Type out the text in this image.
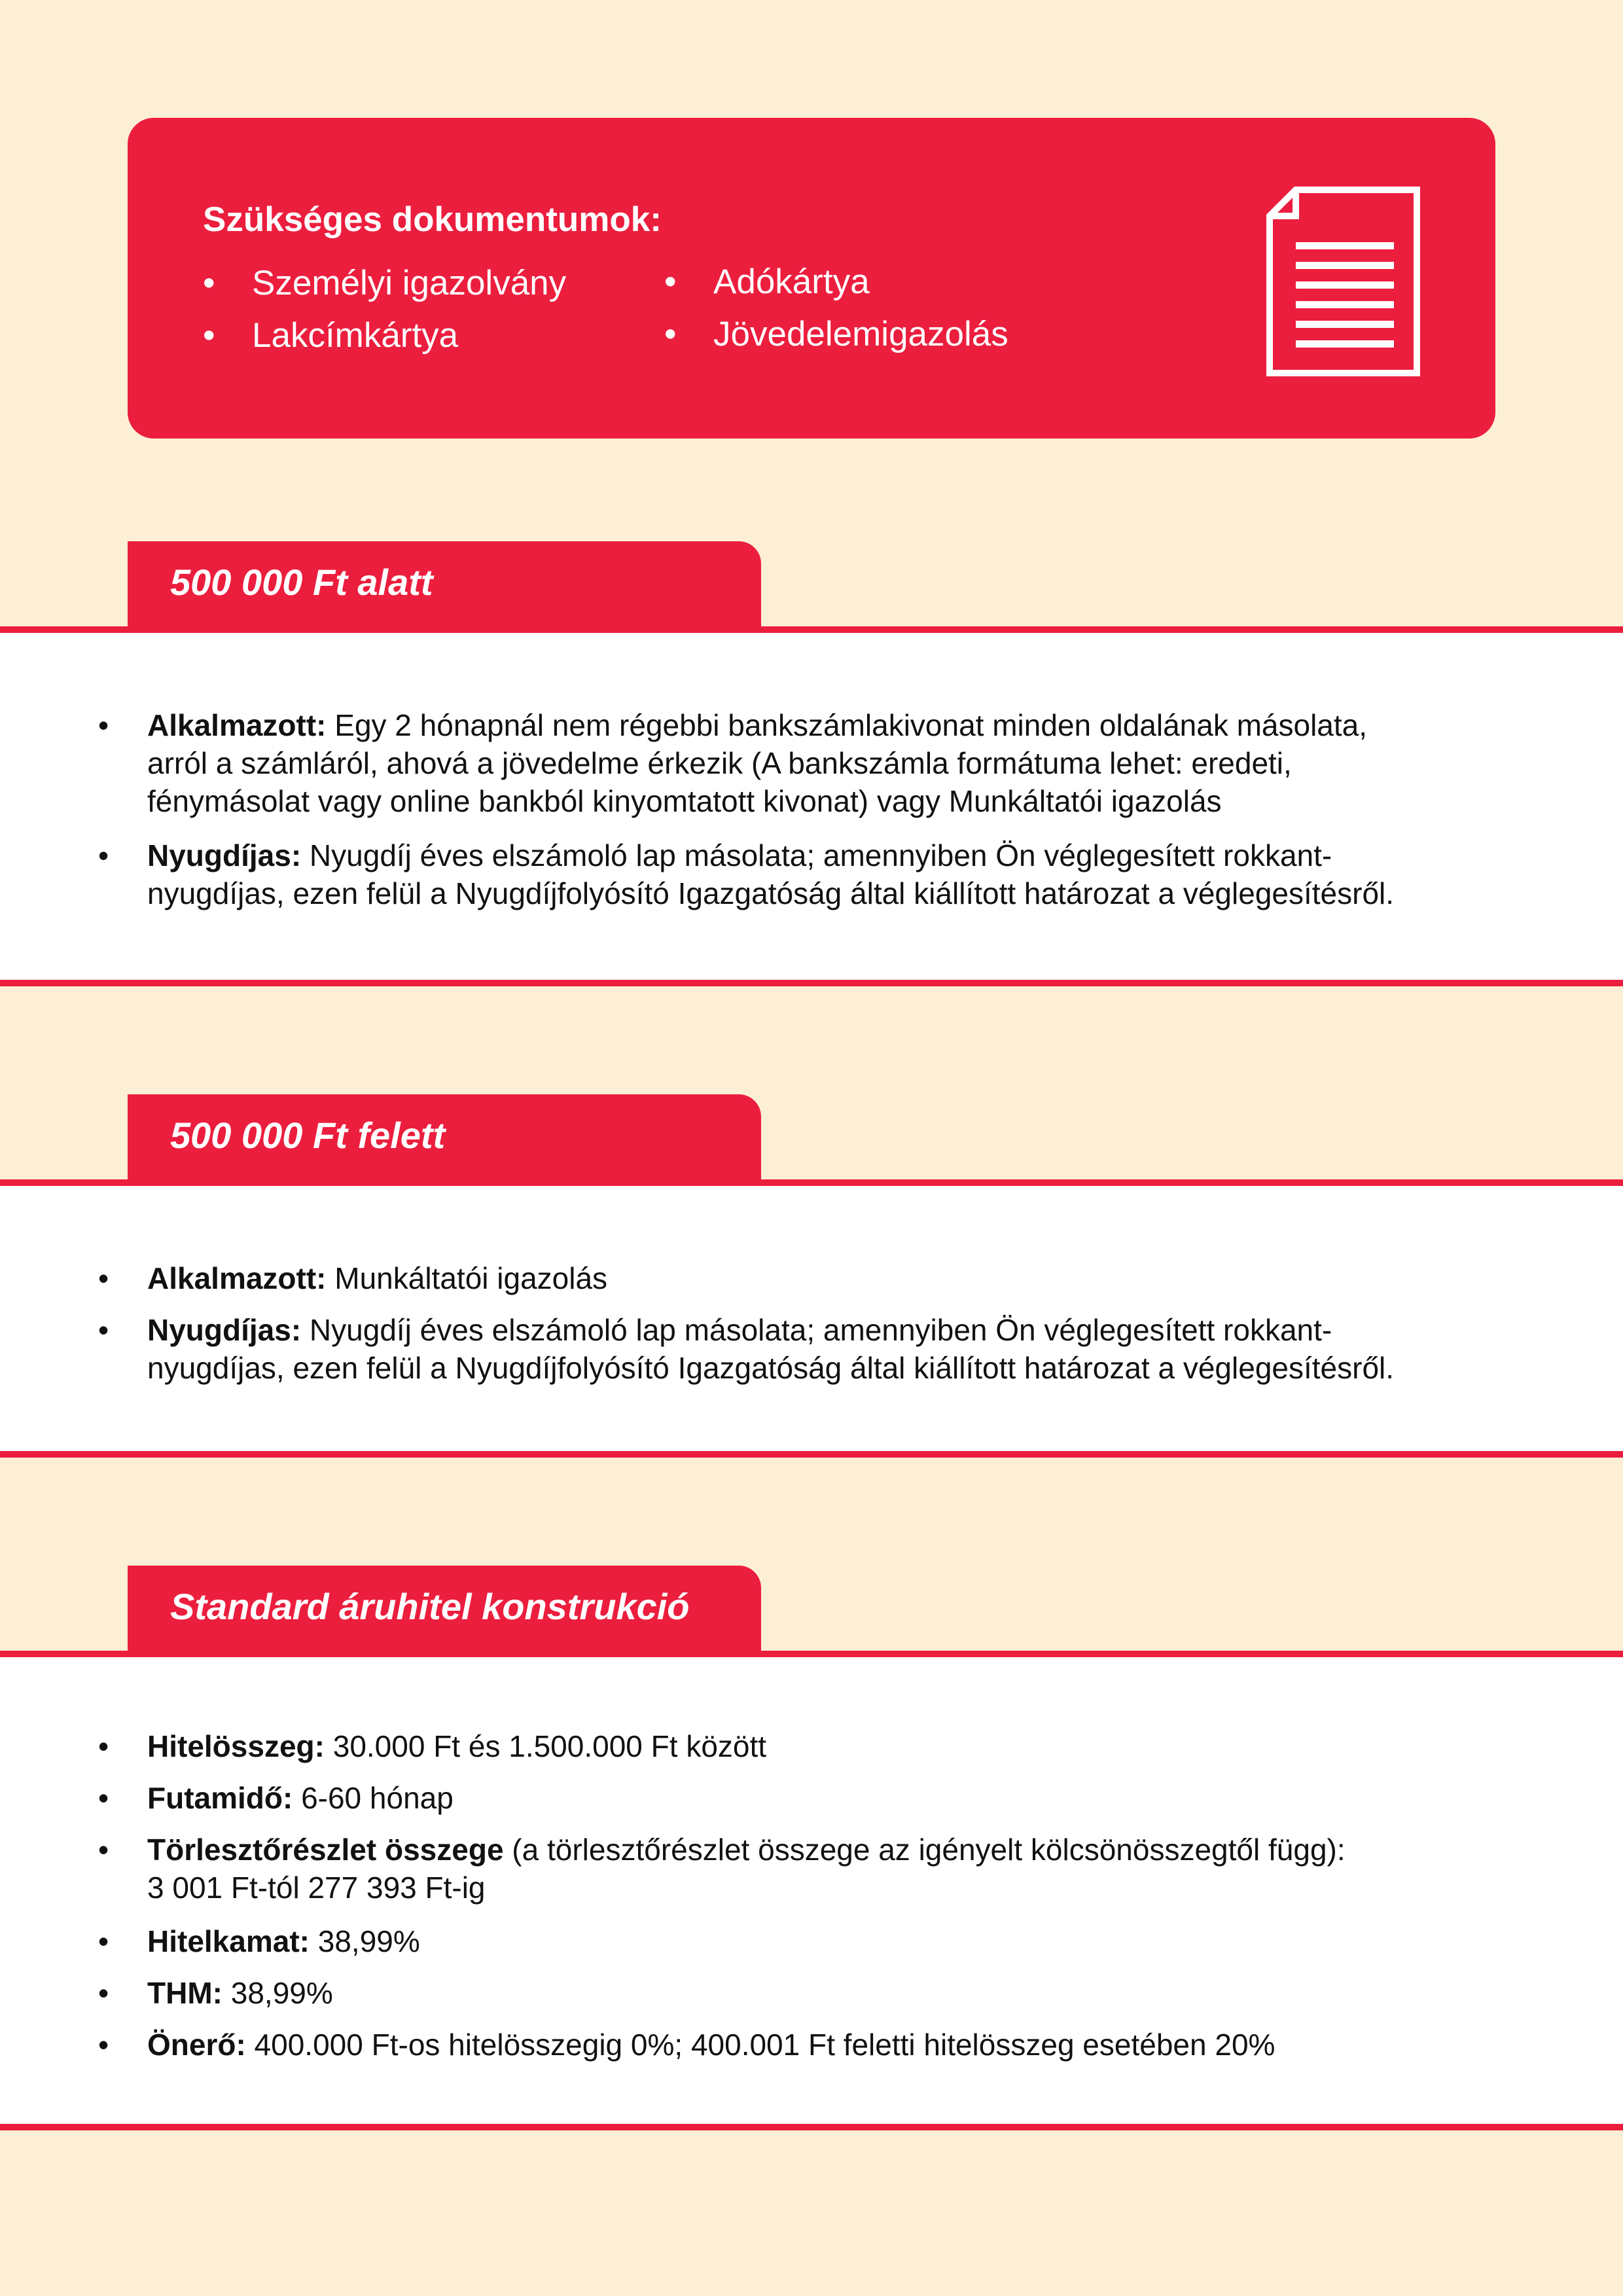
Szükséges dokumentumok:
• Személyi igazolvány
• Lakcímkártya
• Adókártya
• Jövedelemigazolás
500 000 Ft alatt
• Alkalmazott: Egy 2 hónapnál nem régebbi bankszámlakivonat minden oldalának másolata,
arról a számláról, ahová a jövedelme érkezik (A bankszámla formátuma lehet: eredeti,
fénymásolat vagy online bankból kinyomtatott kivonat) vagy Munkáltatói igazolás
• Nyugdíjas: Nyugdíj éves elszámoló lap másolata; amennyiben Ön véglegesített rokkant-
nyugdíjas, ezen felül a Nyugdíjfolyósító Igazgatóság által kiállított határozat a véglegesítésről.
500 000 Ft felett
• Alkalmazott: Munkáltatói igazolás
• Nyugdíjas: Nyugdíj éves elszámoló lap másolata; amennyiben Ön véglegesített rokkant-
nyugdíjas, ezen felül a Nyugdíjfolyósító Igazgatóság által kiállított határozat a véglegesítésről.
Standard áruhitel konstrukció
• Hitelösszeg: 30.000 Ft és 1.500.000 Ft között
• Futamidő: 6-60 hónap
• Törlesztőrészlet összege (a törlesztőrészlet összege az igényelt kölcsönösszegtől függ):
3 001 Ft-tól 277 393 Ft-ig
• Hitelkamat: 38,99%
• THM: 38,99%
• Önerő: 400.000 Ft-os hitelösszegig 0%; 400.001 Ft feletti hitelösszeg esetében 20%
